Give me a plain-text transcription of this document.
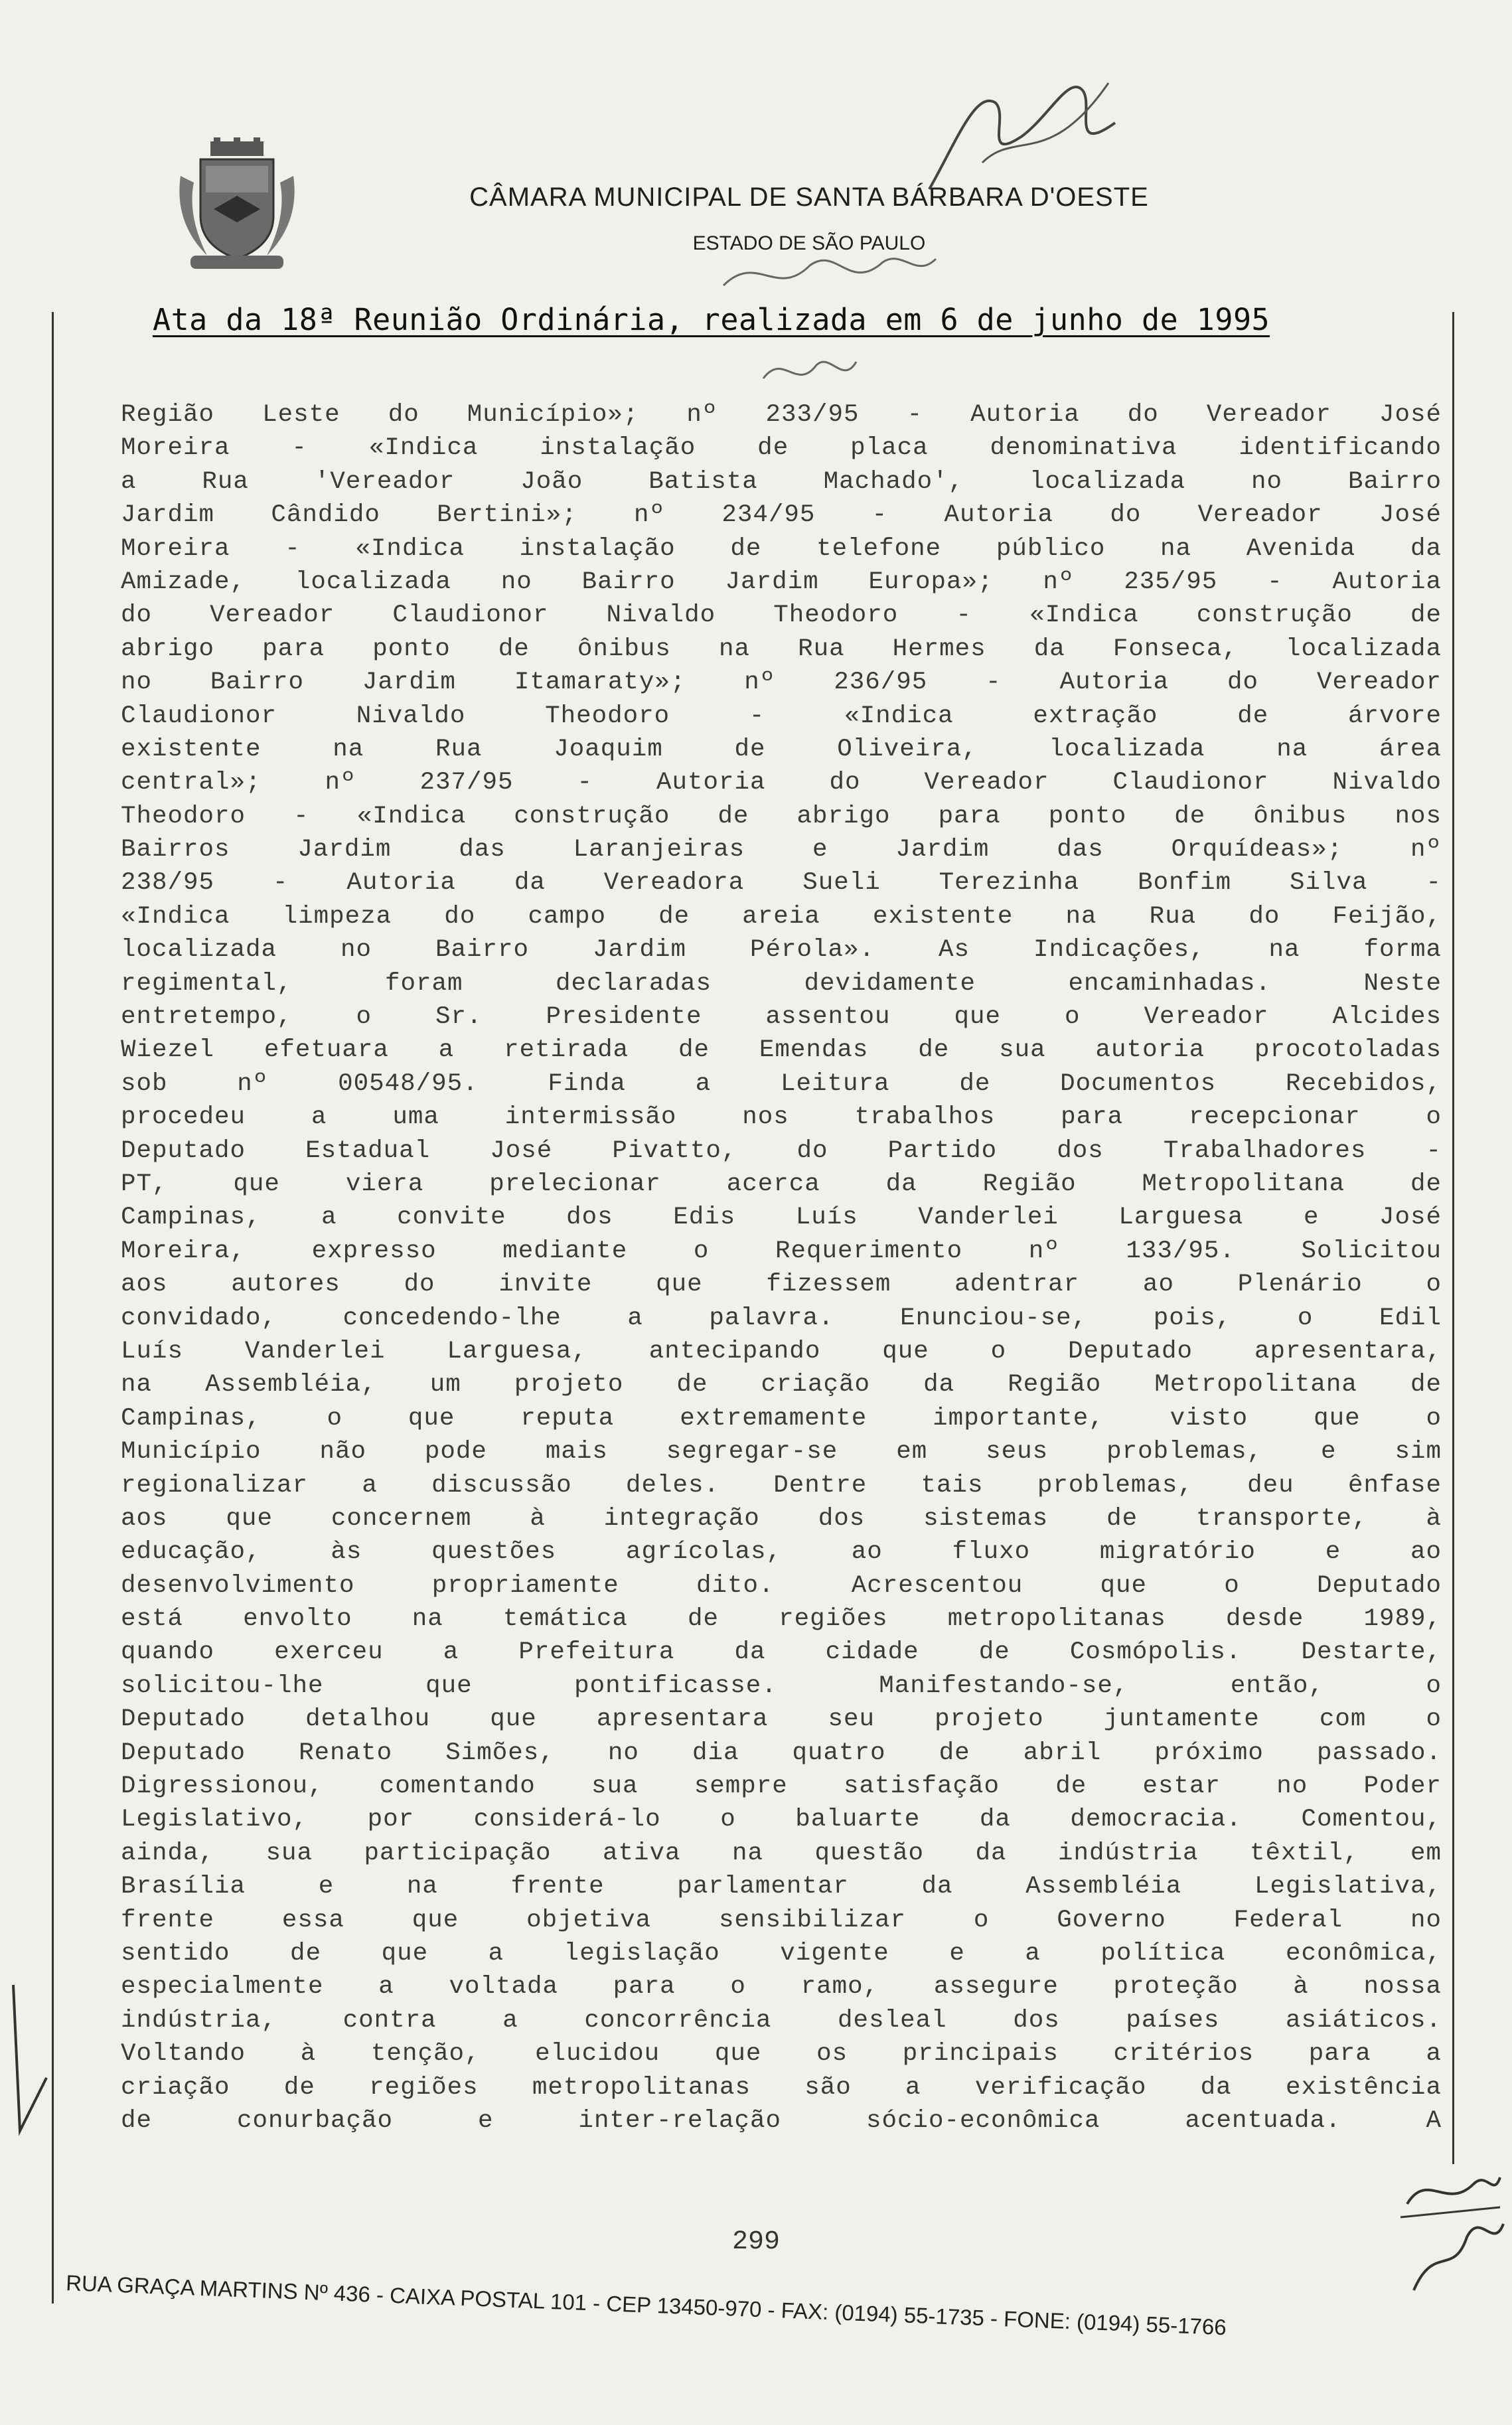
CÂMARA MUNICIPAL DE SANTA BÁRBARA D'OESTE
ESTADO DE SÃO PAULO
Ata da 18ª Reunião Ordinária, realizada em 6 de junho de 1995
Região Leste do Município»; nº 233/95 - Autoria do Vereador José
Moreira - «Indica instalação de placa denominativa identificando
a Rua 'Vereador João Batista Machado', localizada no Bairro
Jardim Cândido Bertini»; nº 234/95 - Autoria do Vereador José
Moreira - «Indica instalação de telefone público na Avenida da
Amizade, localizada no Bairro Jardim Europa»; nº 235/95 - Autoria
do Vereador Claudionor Nivaldo Theodoro - «Indica construção de
abrigo para ponto de ônibus na Rua Hermes da Fonseca, localizada
no Bairro Jardim Itamaraty»; nº 236/95 - Autoria do Vereador
Claudionor Nivaldo Theodoro - «Indica extração de árvore
existente na Rua Joaquim de Oliveira, localizada na área
central»; nº 237/95 - Autoria do Vereador Claudionor Nivaldo
Theodoro - «Indica construção de abrigo para ponto de ônibus nos
Bairros Jardim das Laranjeiras e Jardim das Orquídeas»; nº
238/95 - Autoria da Vereadora Sueli Terezinha Bonfim Silva -
«Indica limpeza do campo de areia existente na Rua do Feijão,
localizada no Bairro Jardim Pérola». As Indicações, na forma
regimental, foram declaradas devidamente encaminhadas. Neste
entretempo, o Sr. Presidente assentou que o Vereador Alcides
Wiezel efetuara a retirada de Emendas de sua autoria procotoladas
sob nº 00548/95. Finda a Leitura de Documentos Recebidos,
procedeu a uma intermissão nos trabalhos para recepcionar o
Deputado Estadual José Pivatto, do Partido dos Trabalhadores -
PT, que viera prelecionar acerca da Região Metropolitana de
Campinas, a convite dos Edis Luís Vanderlei Larguesa e José
Moreira, expresso mediante o Requerimento nº 133/95. Solicitou
aos autores do invite que fizessem adentrar ao Plenário o
convidado, concedendo-lhe a palavra. Enunciou-se, pois, o Edil
Luís Vanderlei Larguesa, antecipando que o Deputado apresentara,
na Assembléia, um projeto de criação da Região Metropolitana de
Campinas, o que reputa extremamente importante, visto que o
Município não pode mais segregar-se em seus problemas, e sim
regionalizar a discussão deles. Dentre tais problemas, deu ênfase
aos que concernem à integração dos sistemas de transporte, à
educação, às questões agrícolas, ao fluxo migratório e ao
desenvolvimento propriamente dito. Acrescentou que o Deputado
está envolto na temática de regiões metropolitanas desde 1989,
quando exerceu a Prefeitura da cidade de Cosmópolis. Destarte,
solicitou-lhe que pontificasse. Manifestando-se, então, o
Deputado detalhou que apresentara seu projeto juntamente com o
Deputado Renato Simões, no dia quatro de abril próximo passado.
Digressionou, comentando sua sempre satisfação de estar no Poder
Legislativo, por considerá-lo o baluarte da democracia. Comentou,
ainda, sua participação ativa na questão da indústria têxtil, em
Brasília e na frente parlamentar da Assembléia Legislativa,
frente essa que objetiva sensibilizar o Governo Federal no
sentido de que a legislação vigente e a política econômica,
especialmente a voltada para o ramo, assegure proteção à nossa
indústria, contra a concorrência desleal dos países asiáticos.
Voltando à tenção, elucidou que os principais critérios para a
criação de regiões metropolitanas são a verificação da existência
de conurbação e inter-relação sócio-econômica acentuada. A
299
RUA GRAÇA MARTINS Nº 436 - CAIXA POSTAL 101 - CEP 13450-970 - FAX: (0194) 55-1735 - FONE: (0194) 55-1766
